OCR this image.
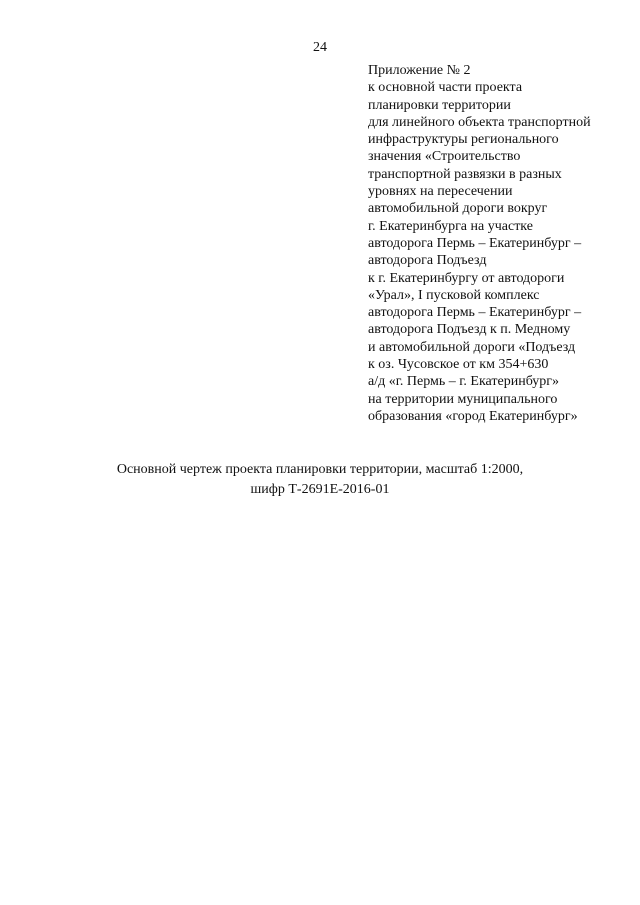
24
Приложение № 2
к основной части проекта
планировки территории
для линейного объекта транспортной
инфраструктуры регионального
значения «Строительство
транспортной развязки в разных
уровнях на пересечении
автомобильной дороги вокруг
г. Екатеринбурга на участке
автодорога Пермь – Екатеринбург –
автодорога Подъезд
к г. Екатеринбургу от автодороги
«Урал», I пусковой комплекс
автодорога Пермь – Екатеринбург –
автодорога Подъезд к п. Медному
и автомобильной дороги «Подъезд
к оз. Чусовское от км 354+630
а/д «г. Пермь – г. Екатеринбург»
на территории муниципального
образования «город Екатеринбург»
Основной чертеж проекта планировки территории, масштаб 1:2000,
шифр Т-2691Е-2016-01
